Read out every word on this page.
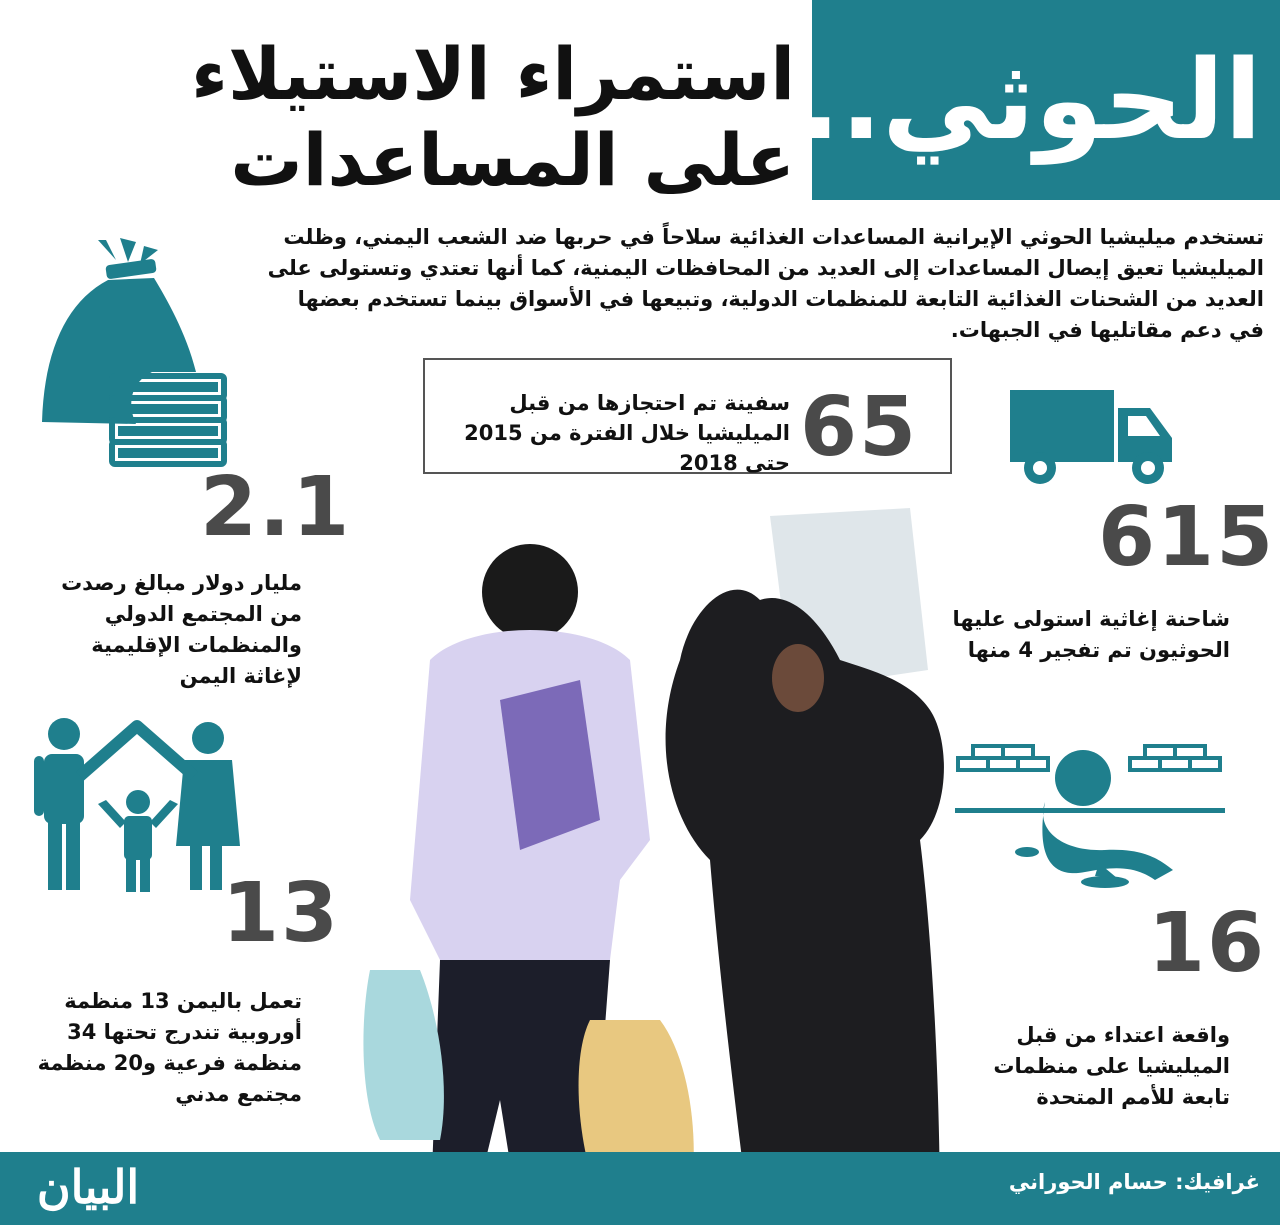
الحوثي..
استمراء الاستيلاء
على المساعدات
تستخدم ميليشيا الحوثي الإيرانية المساعدات الغذائية سلاحاً في حربها ضد الشعب اليمني، وظلت الميليشيا تعيق إيصال المساعدات إلى العديد من المحافظات اليمنية، كما أنها تعتدي وتستولى على العديد من الشحنات الغذائية التابعة للمنظمات الدولية، وتبيعها في الأسواق بينما تستخدم بعضها في دعم مقاتليها في الجبهات.
2.1
مليار دولار مبالغ رصدت من المجتمع الدولي والمنظمات الإقليمية لإغاثة اليمن
13
تعمل باليمن 13 منظمة أوروبية تندرج تحتها 34 منظمة فرعية و20 منظمة مجتمع مدني
65
سفينة تم احتجازها من قبل الميليشيا خلال الفترة من 2015 حتى 2018
615
شاحنة إغاثية استولى عليها الحوثيون تم تفجير 4 منها
16
واقعة اعتداء من قبل الميليشيا على منظمات تابعة للأمم المتحدة
البيان	غرافيك: حسام الحوراني
